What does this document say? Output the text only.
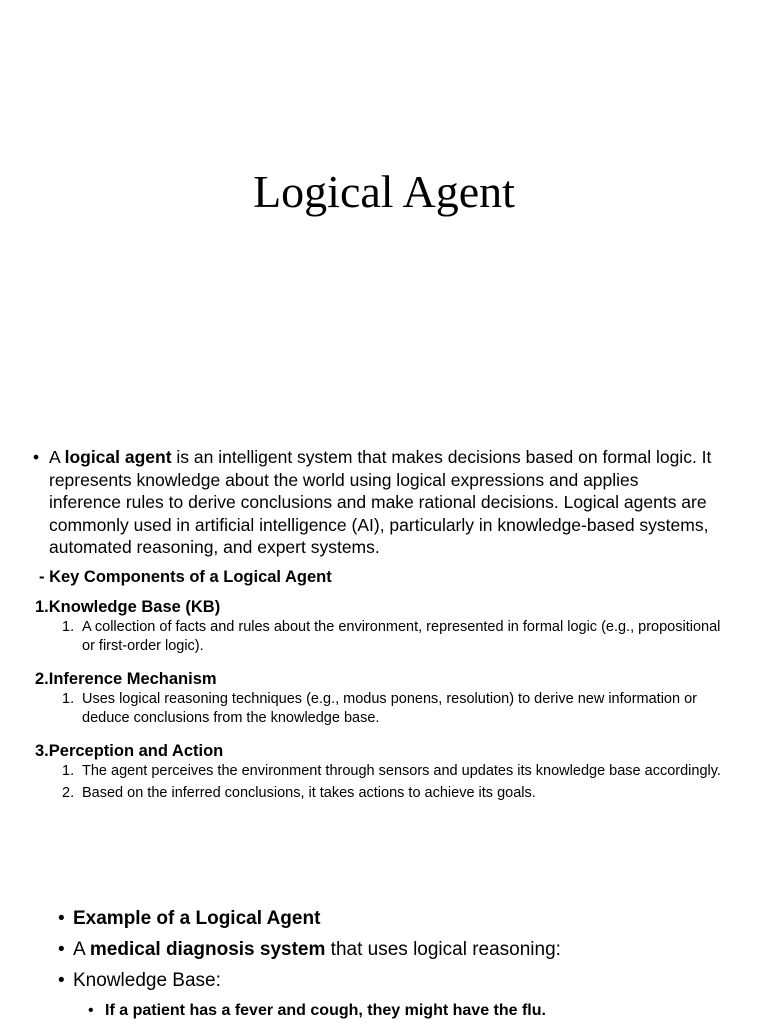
Logical Agent
• A logical agent is an intelligent system that makes decisions based on formal logic. It represents knowledge about the world using logical expressions and applies inference rules to derive conclusions and make rational decisions. Logical agents are commonly used in artificial intelligence (AI), particularly in knowledge-based systems, automated reasoning, and expert systems.
- Key Components of a Logical Agent
1.Knowledge Base (KB)
1. A collection of facts and rules about the environment, represented in formal logic (e.g., propositional or first-order logic).
2.Inference Mechanism
1. Uses logical reasoning techniques (e.g., modus ponens, resolution) to derive new information or deduce conclusions from the knowledge base.
3.Perception and Action
1. The agent perceives the environment through sensors and updates its knowledge base accordingly.
2. Based on the inferred conclusions, it takes actions to achieve its goals.
• Example of a Logical Agent
• A medical diagnosis system that uses logical reasoning:
• Knowledge Base:
• If a patient has a fever and cough, they might have the flu.
